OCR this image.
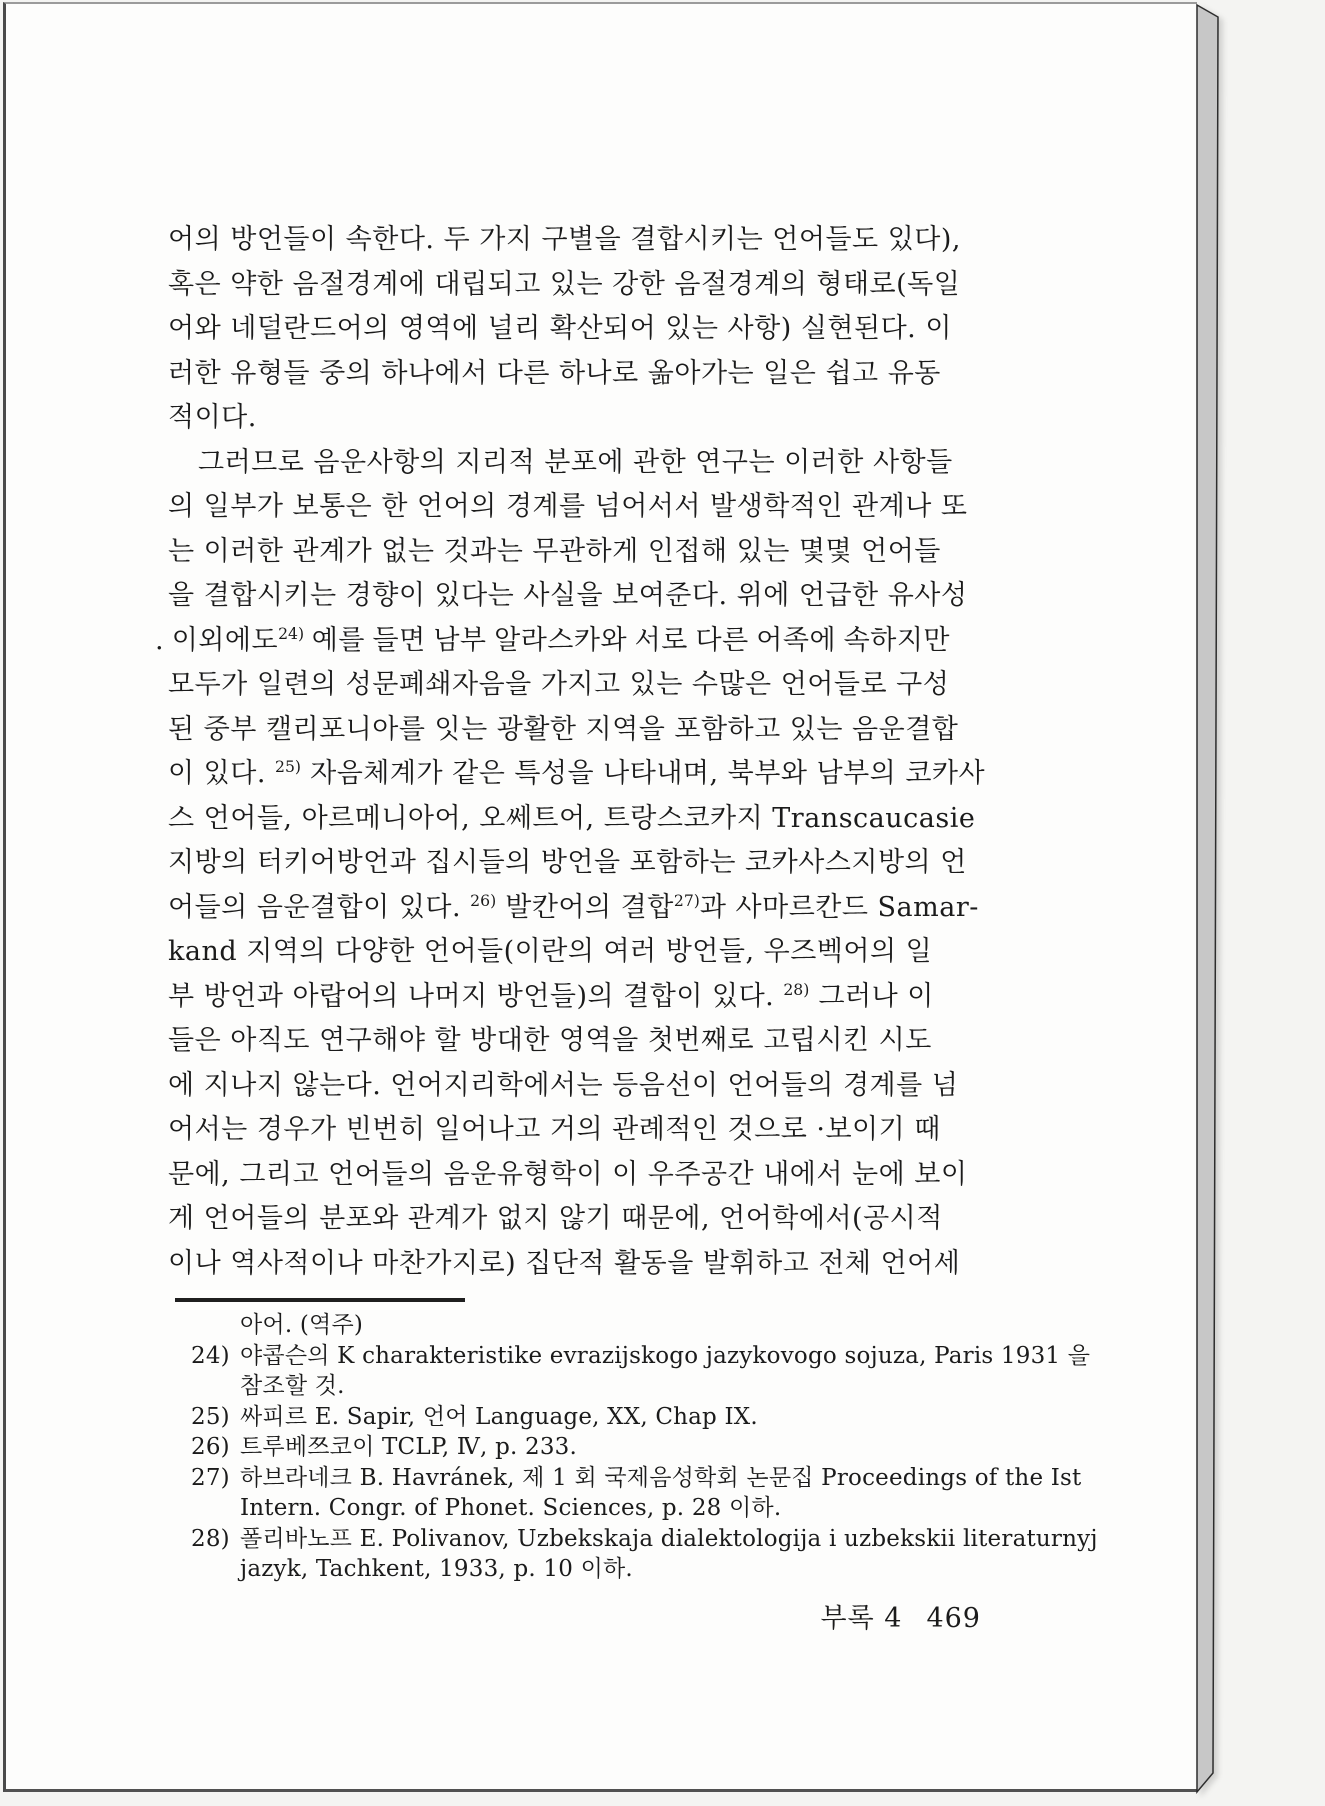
어의 방언들이 속한다. 두 가지 구별을 결합시키는 언어들도 있다),
혹은 약한 음절경계에 대립되고 있는 강한 음절경계의 형태로(독일
어와 네덜란드어의 영역에 널리 확산되어 있는 사항) 실현된다. 이
러한 유형들 중의 하나에서 다른 하나로 옮아가는 일은 쉽고 유동
적이다.
그러므로 음운사항의 지리적 분포에 관한 연구는 이러한 사항들
의 일부가 보통은 한 언어의 경계를 넘어서서 발생학적인 관계나 또
는 이러한 관계가 없는 것과는 무관하게 인접해 있는 몇몇 언어들
을 결합시키는 경향이 있다는 사실을 보여준다. 위에 언급한 유사성
. 이외에도$^{24)}$ 예를 들면 남부 알라스카와 서로 다른 어족에 속하지만
모두가 일련의 성문폐쇄자음을 가지고 있는 수많은 언어들로 구성
된 중부 캘리포니아를 잇는 광활한 지역을 포함하고 있는 음운결합
이 있다. $^{25)}$ 자음체계가 같은 특성을 나타내며, 북부와 남부의 코카사
스 언어들, 아르메니아어, 오쎄트어, 트랑스코카지 Transcaucasie
지방의 터키어방언과 집시들의 방언을 포함하는 코카사스지방의 언
어들의 음운결합이 있다. $^{26)}$ 발칸어의 결합$^{27)}$과 사마르칸드 Samar-
kand 지역의 다양한 언어들(이란의 여러 방언들, 우즈벡어의 일
부 방언과 아랍어의 나머지 방언들)의 결합이 있다. $^{28)}$ 그러나 이
들은 아직도 연구해야 할 방대한 영역을 첫번째로 고립시킨 시도
에 지나지 않는다. 언어지리학에서는 등음선이 언어들의 경계를 넘
어서는 경우가 빈번히 일어나고 거의 관례적인 것으로 ·보이기 때
문에, 그리고 언어들의 음운유형학이 이 우주공간 내에서 눈에 보이
게 언어들의 분포와 관계가 없지 않기 때문에, 언어학에서(공시적
이나 역사적이나 마찬가지로) 집단적 활동을 발휘하고 전체 언어세
아어. (역주)
24) 야콥슨의 K charakteristike evrazijskogo jazykovogo sojuza, Paris 1931 을
참조할 것.
25) 싸피르 E. Sapir, 언어 Language, XX, Chap IX.
26) 트루베쯔코이 TCLP, Ⅳ, p. 233.
27) 하브라네크 B. Havránek, 제 1 회 국제음성학회 논문집 Proceedings of the Ist
Intern. Congr. of Phonet. Sciences, p. 28 이하.
28) 폴리바노프 E. Polivanov, Uzbekskaja dialektologija i uzbekskii literaturnyj
jazyk, Tachkent, 1933, p. 10 이하.
부록 4 469
